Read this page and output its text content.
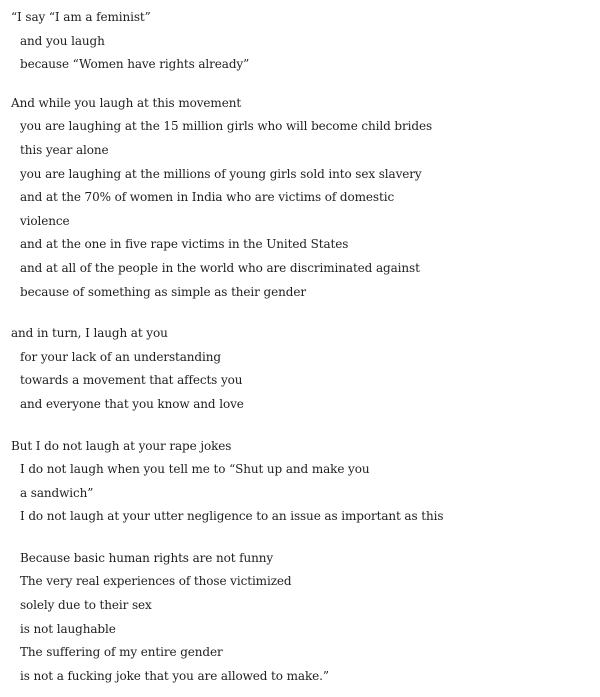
“I say “I am a feminist”
and you laugh
because “Women have rights already”
And while you laugh at this movement
you are laughing at the 15 million girls who will become child brides
this year alone
you are laughing at the millions of young girls sold into sex slavery
and at the 70% of women in India who are victims of domestic
violence
and at the one in five rape victims in the United States
and at all of the people in the world who are discriminated against
because of something as simple as their gender
and in turn, I laugh at you
for your lack of an understanding
towards a movement that affects you
and everyone that you know and love
But I do not laugh at your rape jokes
I do not laugh when you tell me to “Shut up and make you
a sandwich”
I do not laugh at your utter negligence to an issue as important as this
Because basic human rights are not funny
The very real experiences of those victimized
solely due to their sex
is not laughable
The suffering of my entire gender
is not a fucking joke that you are allowed to make.”
